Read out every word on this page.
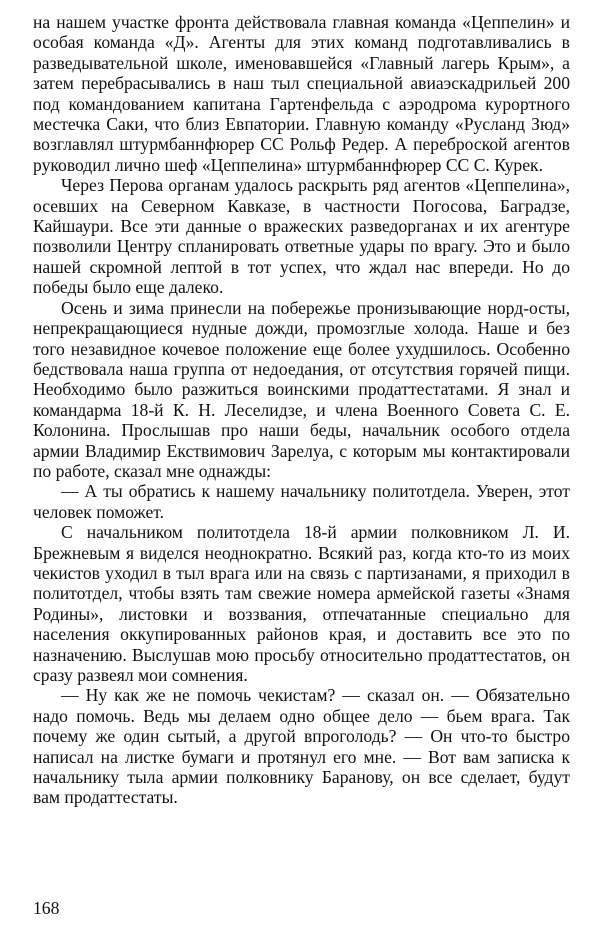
на нашем участке фронта действовала главная команда «Цеппелин» и особая команда «Д». Агенты для этих команд подготавливались в разведывательной школе, именовавшейся «Главный лагерь Крым», а затем перебрасывались в наш тыл специальной авиаэскадрильей 200 под командованием капитана Гартенфельда с аэродрома курортного местечка Саки, что близ Евпатории. Главную команду «Русланд Зюд» возглавлял штурмбаннфюрер СС Рольф Редер. А переброской агентов руководил лично шеф «Цеппелина» штурмбаннфюрер СС С. Курек.

Через Перова органам удалось раскрыть ряд агентов «Цеппелина», осевших на Северном Кавказе, в частности Погосова, Баградзе, Кайшаури. Все эти данные о вражеских разведорганах и их агентуре позволили Центру спланировать ответные удары по врагу. Это и было нашей скромной лептой в тот успех, что ждал нас впереди. Но до победы было еще далеко.

Осень и зима принесли на побережье пронизывающие норд-осты, непрекращающиеся нудные дожди, промозглые холода. Наше и без того незавидное кочевое положение еще более ухудшилось. Особенно бедствовала наша группа от недоедания, от отсутствия горячей пищи. Необходимо было разжиться воинскими продаттестатами. Я знал и командарма 18-й К. Н. Леселидзе, и члена Военного Совета С. Е. Колонина. Прослышав про наши беды, начальник особого отдела армии Владимир Екствимович Зарелуа, с которым мы контактировали по работе, сказал мне однажды:

— А ты обратись к нашему начальнику политотдела. Уверен, этот человек поможет.

С начальником политотдела 18-й армии полковником Л. И. Брежневым я виделся неоднократно. Всякий раз, когда кто-то из моих чекистов уходил в тыл врага или на связь с партизанами, я приходил в политотдел, чтобы взять там свежие номера армейской газеты «Знамя Родины», листовки и воззвания, отпечатанные специально для населения оккупированных районов края, и доставить все это по назначению. Выслушав мою просьбу относительно продаттестатов, он сразу развеял мои сомнения.

— Ну как же не помочь чекистам? — сказал он. — Обязательно надо помочь. Ведь мы делаем одно общее дело — бьем врага. Так почему же один сытый, а другой впроголодь? — Он что-то быстро написал на листке бумаги и протянул его мне. — Вот вам записка к начальнику тыла армии полковнику Баранову, он все сделает, будут вам продаттестаты.

168
